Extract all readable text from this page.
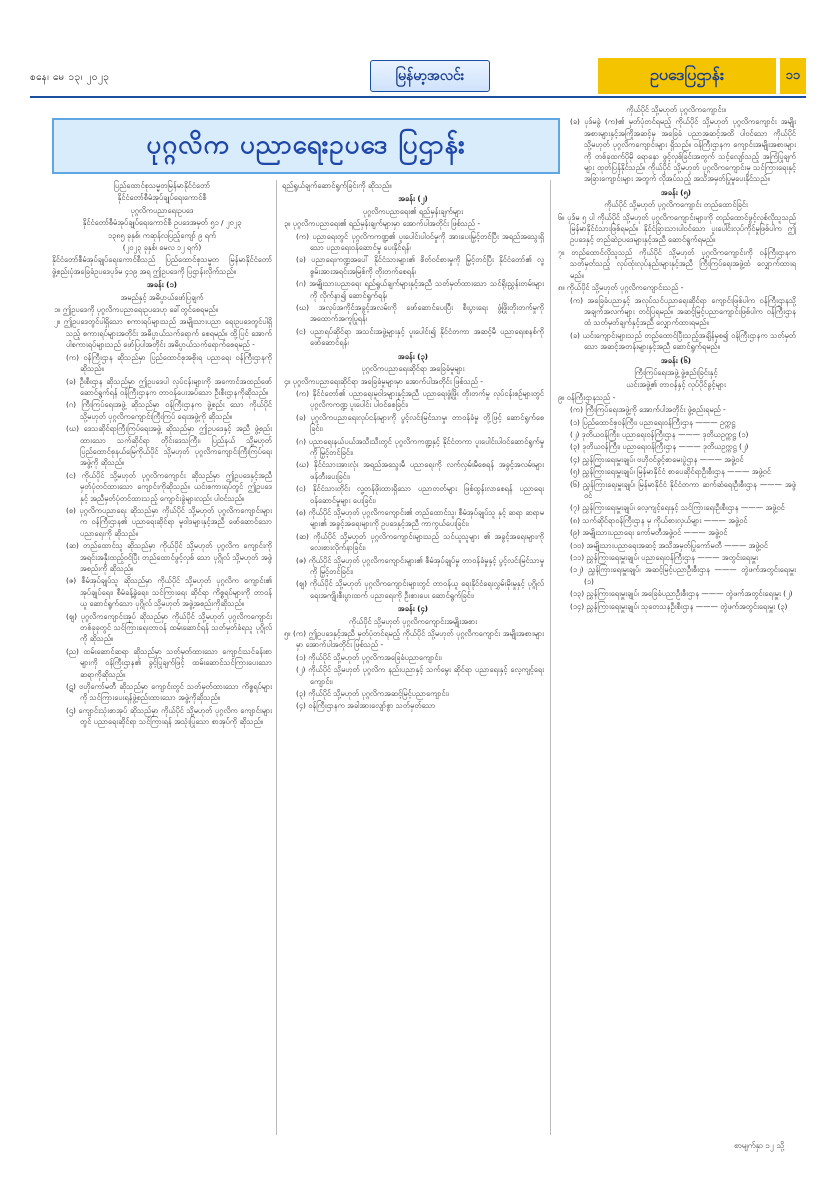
စနေ၊ မေ ၁၃၊ ၂၀၂၃	မြန်မာ့အလင်း	ဥပဒေပြဌာန်း	၁၁
ပုဂ္ဂလိက ပညာရေးဥပဒေ ပြဌာန်း

ပြည်ထောင်စုသမ္မတမြန်မာနိုင်ငံတော်

နိုင်ငံတော်စီမံအုပ်ချုပ်ရေးကောင်စီ

ပုဂ္ဂလိကပညာရေးဥပဒေ

နိုင်ငံတော်စီမံအုပ်ချုပ်ရေးကောင်စီ ဥပဒေအမှတ် ၅၁ / ၂၀၂၃

၁၃၈၅ ခုနှစ်၊ ကဆုန်လပြည့်ကျော် ၉ ရက်

(၂၀၂၃ ခုနှစ်၊ မေလ ၁၂ ရက်)

နိုင်ငံတော်စီမံအုပ်ချုပ်ရေးကောင်စီသည် ပြည်ထောင်စုသမ္မတ မြန်မာနိုင်ငံတော်ဖွဲ့စည်းပုံအခြေခံဥပဒေပုဒ်မ ၄၁၉ အရ ဤဥပဒေကို ပြဌာန်းလိုက်သည်။

အခန်း (၁)

အမည်နှင့် အဓိပ္ပာယ်ဖော်ပြချက်

၁။ ဤဥပဒေကို ပုဂ္ဂလိကပညာရေးဥပဒေဟု ခေါ်တွင်စေရမည်။

၂။ ဤဥပဒေတွင်ပါရှိသော စကားရပ်များသည် အမျိုးသားပညာ ရေးဥပဒေတွင်ပါရှိသည့် စကားရပ်များအတိုင်း အဓိပ္ပာယ်သက်ရောက် စေရမည်။ ထို့ပြင် အောက်ပါစကားရပ်များသည် ဖော်ပြပါအတိုင်း အဓိပ္ပာယ်သက်ရောက်စေရမည် -

(က) ဝန်ကြီးဌာန ဆိုသည်မှာ ပြည်ထောင်စုအစိုးရ ပညာရေး ဝန်ကြီးဌာနကို ဆိုသည်။

(ခ) ဦးစီးဌာန ဆိုသည်မှာ ဤဥပဒေပါ လုပ်ငန်းများကို အကောင်အထည်ဖော်ဆောင်ရွက်ရန် ဝန်ကြီးဌာနက တာဝန်ပေးအပ်သော ဦးစီးဌာနကိုဆိုသည်။

(ဂ) ကြီးကြပ်ရေးအဖွဲ့ ဆိုသည်မှာ ဝန်ကြီးဌာနက ဖွဲ့စည်း သော ကိုယ်ပိုင် သို့မဟုတ် ပုဂ္ဂလိကကျောင်းကြီးကြပ် ရေးအဖွဲ့ကို ဆိုသည်။

(ဃ) ဒေသဆိုင်ရာကြီးကြပ်ရေးအဖွဲ့ ဆိုသည်မှာ ဤဥပဒေနှင့် အညီ ဖွဲ့စည်းထားသော သက်ဆိုင်ရာ တိုင်းဒေသကြီး၊ ပြည်နယ် သို့မဟုတ် ပြည်ထောင်စုနယ်မြေကိုယ်ပိုင် သို့မဟုတ် ပုဂ္ဂလိကကျောင်းကြီးကြပ်ရေးအဖွဲ့ကို ဆိုသည်။

(င) ကိုယ်ပိုင် သို့မဟုတ် ပုဂ္ဂလိကကျောင်း ဆိုသည်မှာ ဤဥပဒေနှင့်အညီ မှတ်ပုံတင်ထားသော ကျောင်းကိုဆိုသည်။ ယင်းစကားရပ်တွင် ဤဥပဒေနှင့် အညီမှတ်ပုံတင်ထားသည့် ကျောင်းခွဲများလည်း ပါဝင်သည်။

(စ) ပုဂ္ဂလိကပညာရေး ဆိုသည်မှာ ကိုယ်ပိုင် သို့မဟုတ် ပုဂ္ဂလိကကျောင်းများက ဝန်ကြီးဌာန၏ ပညာရေးဆိုင်ရာ မူဝါဒများနှင့်အညီ ဖော်ဆောင်သော ပညာရေးကို ဆိုသည်။

(ဆ) တည်ထောင်သူ ဆိုသည်မှာ ကိုယ်ပိုင် သို့မဟုတ် ပုဂ္ဂလိက ကျောင်းကို အရင်းအနှီးထည့်ဝင်ပြီး တည်ထောင်ဖွင့်လှစ် သော ပုဂ္ဂိုလ် သို့မဟုတ် အဖွဲ့အစည်းကို ဆိုသည်။

(ဇ) စီမံအုပ်ချုပ်သူ ဆိုသည်မှာ ကိုယ်ပိုင် သို့မဟုတ် ပုဂ္ဂလိက ကျောင်း၏ အုပ်ချုပ်ရေး၊ စီမံခန့်ခွဲရေး၊ သင်ကြားရေး ဆိုင်ရာ ကိစ္စရပ်များကို တာဝန်ယူ ဆောင်ရွက်သော ပုဂ္ဂိုလ် သို့မဟုတ် အဖွဲ့အစည်းကိုဆိုသည်။

(ဈ) ပုဂ္ဂလိကကျောင်းအုပ် ဆိုသည်မှာ ကိုယ်ပိုင် သို့မဟုတ် ပုဂ္ဂလိကကျောင်းတစ်ခုခုတွင် သင်ကြားရေးတာဝန် ထမ်းဆောင်ရန် သတ်မှတ်ခံရသူ ပုဂ္ဂိုလ်ကို ဆိုသည်။

(ည) ထမ်းဆောင်ဆရာ ဆိုသည်မှာ သတ်မှတ်ထားသော ကျောင်းသင်ခန်းစာများကို ဝန်ကြီးဌာန၏ ခွင့်ပြုချက်ဖြင့် ထမ်းဆောင်သင်ကြားပေးသော ဆရာကိုဆိုသည်။

(ဋ) ဗဟိုကော်မတီ ဆိုသည်မှာ ကျောင်းတွင် သတ်မှတ်ထားသော ကိစ္စရပ်များကို သင်ကြားပေးရန်ဖွဲ့စည်းထားသော အဖွဲ့ကိုဆိုသည်။

(ဌ) ကျောင်းသုံးစာအုပ် ဆိုသည်မှာ ကိုယ်ပိုင် သို့မဟုတ် ပုဂ္ဂလိက ကျောင်းများတွင် ပညာရေးဆိုင်ရာ သင်ကြားရန် အသုံးပြုသော စာအုပ်ကို ဆိုသည်။

ရည်ရွယ်ချက်ဆောင်ရွက်ခြင်းကို ဆိုသည်။

အခန်း (၂)

ပုဂ္ဂလိကပညာရေး၏ ရည်မှန်းချက်များ

၃။ ပုဂ္ဂလိကပညာရေး၏ ရည်မှန်းချက်များမှာ အောက်ပါအတိုင်း ဖြစ်သည် -

(က) ပညာရေးတွင် ပုဂ္ဂလိကကဏ္ဍ၏ ပူးပေါင်းပါဝင်မှုကို အားပေးမြှင့်တင်ပြီး အရည်အသွေးရှိသော ပညာရေးဝန်ဆောင်မှု ပေးနိုင်ရန်၊

(ခ) ပညာရေးကဏ္ဍအပေါ် နိုင်ငံသားများ၏ စိတ်ဝင်စားမှုကို မြှင့်တင်ပြီး နိုင်ငံတော်၏ လူ့စွမ်းအားအရင်းအမြစ်ကို တိုးတက်စေရန်၊

(ဂ) အမျိုးသားပညာရေး ရည်ရွယ်ချက်များနှင့်အညီ သတ်မှတ်ထားသော သင်ရိုးညွှန်းတမ်းများကို လိုက်နာ၍ ဆောင်ရွက်ရန်၊

(ဃ) အလုပ်အကိုင်အခွင့်အလမ်းကို ဖော်ဆောင်ပေးပြီး စီးပွားရေး ဖွံ့ဖြိုးတိုးတက်မှုကို အထောက်အကူပြုရန်၊

(င) ပညာရပ်ဆိုင်ရာ အသင်းအဖွဲ့များနှင့် ပူးပေါင်း၍ နိုင်ငံတကာ အဆင့်မီ ပညာရေးစနစ်ကို ဖော်ဆောင်ရန်၊

အခန်း (၃)

ပုဂ္ဂလိကပညာရေးဆိုင်ရာ အခြေခံမူများ

၄။ ပုဂ္ဂလိကပညာရေးဆိုင်ရာ အခြေခံမူများမှာ အောက်ပါအတိုင်း ဖြစ်သည် -

(က) နိုင်ငံတော်၏ ပညာရေးမူဝါဒများနှင့်အညီ ပညာရေးဖွံ့ဖြိုး တိုးတက်မှု လုပ်ငန်းစဉ်များတွင် ပုဂ္ဂလိကကဏ္ဍ ပူးပေါင်း ပါဝင်စေခြင်း၊

(ခ) ပုဂ္ဂလိကပညာရေးလုပ်ငန်းများကို ပွင့်လင်းမြင်သာမှု၊ တာဝန်ခံမှု တို့ဖြင့် ဆောင်ရွက်စေခြင်း၊

(ဂ) ပညာရေးနယ်ပယ်အသီးသီးတွင် ပုဂ္ဂလိကကဏ္ဍနှင့် နိုင်ငံတကာ ပူးပေါင်းပါဝင်ဆောင်ရွက်မှုကို မြှင့်တင်ခြင်း၊

(ဃ) နိုင်ငံသားအားလုံး အရည်အသွေးမီ ပညာရေးကို လက်လှမ်းမီစေရန် အခွင့်အလမ်းများ ဖန်တီးပေးခြင်း၊

(င) နိုင်ငံသားတိုင်း လူ့တန်ဖိုးထားရှိသော ပညာတတ်များ ဖြစ်ထွန်းလာစေရန် ပညာရေးဝန်ဆောင်မှုများ ပေးခြင်း၊

(စ) ကိုယ်ပိုင် သို့မဟုတ် ပုဂ္ဂလိကကျောင်း၏ တည်ထောင်သူ၊ စီမံအုပ်ချုပ်သူ နှင့် ဆရာ ဆရာမများ၏ အခွင့်အရေးများကို ဥပဒေနှင့်အညီ ကာကွယ်ပေးခြင်း၊

(ဆ) ကိုယ်ပိုင် သို့မဟုတ် ပုဂ္ဂလိကကျောင်းများသည် သင်ယူသူများ ၏ အခွင့်အရေးများကို လေးစားလိုက်နာခြင်း၊

(ဇ) ကိုယ်ပိုင် သို့မဟုတ် ပုဂ္ဂလိကကျောင်းများ၏ စီမံအုပ်ချုပ်မှု တာဝန်ခံမှုနှင့် ပွင့်လင်းမြင်သာမှုကို မြှင့်တင်ခြင်း၊

(ဈ) ကိုယ်ပိုင် သို့မဟုတ် ပုဂ္ဂလိကကျောင်းများတွင် တာဝန်ယူ ရေးနိုင်ငံရေးလွှမ်းမိုးမှုနှင့် ပုဂ္ဂိုလ်ရေးအကျိုးစီးပွားထက် ပညာရေးကို ဦးစားပေး ဆောင်ရွက်ခြင်း၊

အခန်း (၄)

ကိုယ်ပိုင် သို့မဟုတ် ပုဂ္ဂလိကကျောင်းအမျိုးအစား

၅။ (က) ဤဥပဒေနှင့်အညီ မှတ်ပုံတင်ရမည့် ကိုယ်ပိုင် သို့မဟုတ် ပုဂ္ဂလိကကျောင်း အမျိုးအစားများမှာ အောက်ပါအတိုင်း ဖြစ်သည် -

(၁) ကိုယ်ပိုင် သို့မဟုတ် ပုဂ္ဂလိကအခြေခံပညာကျောင်း၊

(၂) ကိုယ်ပိုင် သို့မဟုတ် ပုဂ္ဂလိက နည်းပညာနှင့် သက်မွေး ဆိုင်ရာ ပညာရေးနှင့် လေ့ကျင့်ရေးကျောင်း၊

(၃) ကိုယ်ပိုင် သို့မဟုတ် ပုဂ္ဂလိကအဆင့်မြင့်ပညာကျောင်း၊

(၄) ဝန်ကြီးဌာနက အခါအားလျော်စွာ သတ်မှတ်သော

ကိုယ်ပိုင် သို့မဟုတ် ပုဂ္ဂလိကကျောင်း။

(ခ) ပုဒ်မခွဲ (က)၏ မှတ်ပုံတင်ရမည့် ကိုယ်ပိုင် သို့မဟုတ် ပုဂ္ဂလိကကျောင်း အမျိုးအစားများနှင့်အကြိုအဆင့်မှ အခြေခံ ပညာအဆင့်အထိ ပါဝင်သော ကိုယ်ပိုင် သို့မဟုတ် ပုဂ္ဂလိကကျောင်းများ ရှိသည်။ ဝန်ကြီးဌာနက ကျောင်းအမျိုးအစားများကို တစ်ခုထက်ပိုမို ရောနှော ဖွင့်လှစ်ခြင်းအတွက် သင့်လျော်သည့် အကြံပြုချက်များ ထုတ်ပြန်နိုင်သည်။ ကိုယ်ပိုင် သို့မဟုတ် ပုဂ္ဂလိကကျောင်းမှ သင်ကြားရေးနှင့် အခြားကျောင်းများ အတွက် လိုအပ်သည့် အသိအမှတ်ပြုမှုပေးနိုင်သည်။

အခန်း (၅)

ကိုယ်ပိုင် သို့မဟုတ် ပုဂ္ဂလိကကျောင်း တည်ထောင်ခြင်း

၆။ ပုဒ်မ ၅ ပါ ကိုယ်ပိုင် သို့မဟုတ် ပုဂ္ဂလိကကျောင်းများကို တည်ထောင်ဖွင့်လှစ်လိုသူသည် မြန်မာနိုင်ငံသားဖြစ်ရမည်။ နိုင်ငံခြားသားပါဝင်သော ပူးပေါင်းလုပ်ကိုင်မှုဖြစ်ပါက ဤဥပဒေနှင့် တည်ဆဲဥပဒေများနှင့်အညီ ဆောင်ရွက်ရမည်။

၇။ တည်ထောင်လိုသူသည် ကိုယ်ပိုင် သို့မဟုတ် ပုဂ္ဂလိကကျောင်းကို ဝန်ကြီးဌာနက သတ်မှတ်သည့် လုပ်ထုံးလုပ်နည်းများနှင့်အညီ ကြီးကြပ်ရေးအဖွဲ့ထံ လျှောက်ထားရမည်။

၈။ ကိုယ်ပိုင် သို့မဟုတ် ပုဂ္ဂလိကကျောင်းသည် -

(က) အခြေခံပညာနှင့် အလုပ်သင်ပညာရေးဆိုင်ရာ ကျောင်းဖြစ်ပါက ဝန်ကြီးဌာနသို့ အချက်အလက်များ တင်ပြရမည်။ အဆင့်မြင့်ပညာကျောင်းဖြစ်ပါက ဝန်ကြီးဌာနထံ သတ်မှတ်ချက်နှင့်အညီ လျှောက်ထားရမည်။

(ခ) ယင်းကျောင်းများသည် တည်ထောင်ပြီးသည့်အချိန်မှစ၍ ဝန်ကြီးဌာနက သတ်မှတ်သော အဆင့်အတန်းများနှင့်အညီ ဆောင်ရွက်ရမည်။

အခန်း (၆)

ကြီးကြပ်ရေးအဖွဲ့ ဖွဲ့စည်းခြင်းနှင့်

ယင်းအဖွဲ့၏ တာဝန်နှင့် လုပ်ပိုင်ခွင့်များ

၉။ ဝန်ကြီးဌာနသည် -

(က) ကြီးကြပ်ရေးအဖွဲ့ကို အောက်ပါအတိုင်း ဖွဲ့စည်းရမည် -

(၁) ပြည်ထောင်စုဝန်ကြီး၊ ပညာရေးဝန်ကြီးဌာန ——— ဥက္ကဋ္ဌ

(၂) ဒုတိယဝန်ကြီး၊ ပညာရေးဝန်ကြီးဌာန ——— ဒုတိယဥက္ကဋ္ဌ (၁)

(၃) ဒုတိယဝန်ကြီး၊ ပညာရေးဝန်ကြီးဌာန ——— ဒုတိယဥက္ကဋ္ဌ (၂)

(၄) ညွှန်ကြားရေးမှူးချုပ်၊ ဗဟိုဝင်ခွင့်စာမေးပွဲဌာန ——— အဖွဲ့ဝင်

(၅) ညွှန်ကြားရေးမှူးချုပ်၊ မြန်မာနိုင်ငံ စာပေဆိုင်ရာဦးစီးဌာန ——— အဖွဲ့ဝင်

(၆) ညွှန်ကြားရေးမှူးချုပ်၊ မြန်မာနိုင်ငံ နိုင်ငံတကာ ဆက်ဆံရေးဦးစီးဌာန ——— အဖွဲ့ဝင်

(၇) ညွှန်ကြားရေးမှူးချုပ်၊ လေ့ကျင့်ရေးနှင့် သင်ကြားရေးဦးစီးဌာန ——— အဖွဲ့ဝင်

(၈) သက်ဆိုင်ရာဝန်ကြီးဌာန မှ ကိုယ်စားလှယ်များ ——— အဖွဲ့ဝင်

(၉) အမျိုးသားပညာရေး ကော်မတီအဖွဲ့ဝင် ——— အဖွဲ့ဝင်

(၁၀) အမျိုးသားပညာရေးအဆင့် အသိအမှတ်ပြုကော်မတီ ——— အဖွဲ့ဝင်

(၁၁) ညွှန်ကြားရေးမှူးချုပ်၊ ပညာရေးဝန်ကြီးဌာန ——— အတွင်းရေးမှူး

(၁၂) ညွှန်ကြားရေးမှူးချုပ်၊ အဆင့်မြင့်ပညာဦးစီးဌာန ——— တွဲဖက်အတွင်းရေးမှူး (၁)

(၁၃) ညွှန်ကြားရေးမှူးချုပ်၊ အခြေခံပညာဦးစီးဌာန ——— တွဲဖက်အတွင်းရေးမှူး (၂)

(၁၄) ညွှန်ကြားရေးမှူးချုပ်၊ သုတေသနဦးစီးဌာန ——— တွဲဖက်အတွင်းရေးမှူး (၃)

စာမျက်နှာ ၁၂ သို့
